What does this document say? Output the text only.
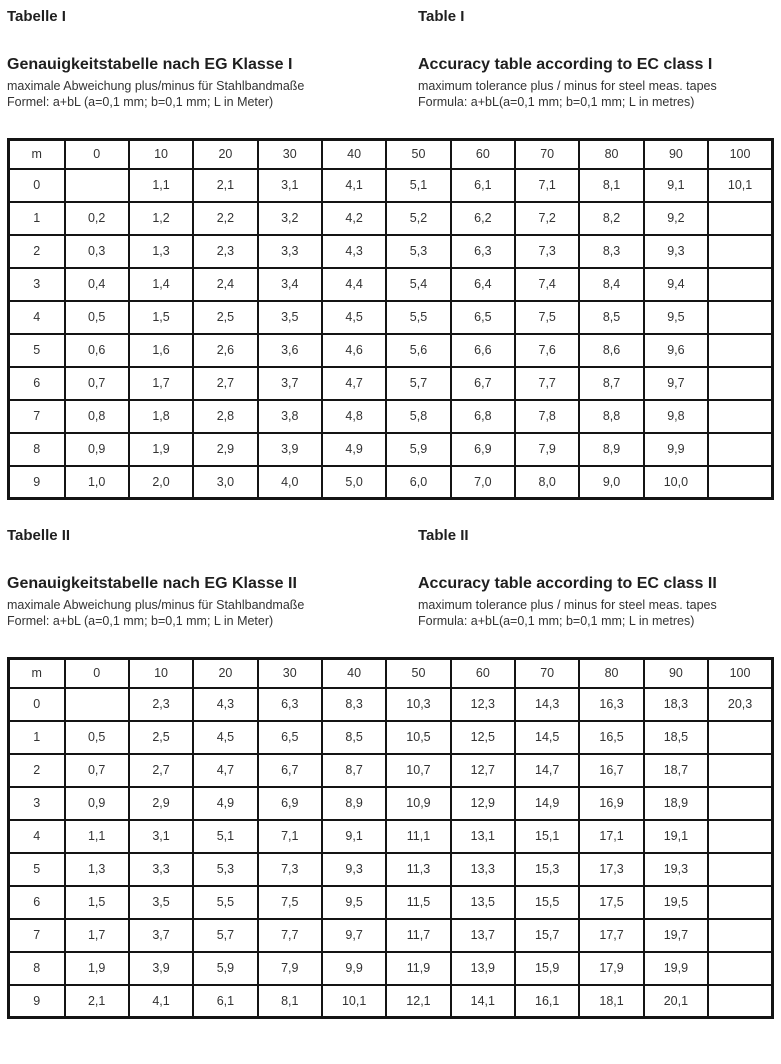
Tabelle I
Genauigkeitstabelle nach EG Klasse I

maximale Abweichung plus/minus für Stahlbandmaße

Formel: a+bL (a=0,1 mm; b=0,1 mm; L in Meter)

Table I
Accuracy table according to EC class I

maximum tolerance plus / minus for steel meas. tapes

Formula: a+bL(a=0,1 mm; b=0,1 mm; L in metres)

m	0	10	20	30	40	50	60	70	80	90	100
0		1,1	2,1	3,1	4,1	5,1	6,1	7,1	8,1	9,1	10,1
1	0,2	1,2	2,2	3,2	4,2	5,2	6,2	7,2	8,2	9,2	
2	0,3	1,3	2,3	3,3	4,3	5,3	6,3	7,3	8,3	9,3	
3	0,4	1,4	2,4	3,4	4,4	5,4	6,4	7,4	8,4	9,4	
4	0,5	1,5	2,5	3,5	4,5	5,5	6,5	7,5	8,5	9,5	
5	0,6	1,6	2,6	3,6	4,6	5,6	6,6	7,6	8,6	9,6	
6	0,7	1,7	2,7	3,7	4,7	5,7	6,7	7,7	8,7	9,7	
7	0,8	1,8	2,8	3,8	4,8	5,8	6,8	7,8	8,8	9,8	
8	0,9	1,9	2,9	3,9	4,9	5,9	6,9	7,9	8,9	9,9	
9	1,0	2,0	3,0	4,0	5,0	6,0	7,0	8,0	9,0	10,0	
Tabelle II
Genauigkeitstabelle nach EG Klasse II

maximale Abweichung plus/minus für Stahlbandmaße

Formel: a+bL (a=0,1 mm; b=0,1 mm; L in Meter)

Table II
Accuracy table according to EC class II

maximum tolerance plus / minus for steel meas. tapes

Formula: a+bL(a=0,1 mm; b=0,1 mm; L in metres)

m	0	10	20	30	40	50	60	70	80	90	100
0		2,3	4,3	6,3	8,3	10,3	12,3	14,3	16,3	18,3	20,3
1	0,5	2,5	4,5	6,5	8,5	10,5	12,5	14,5	16,5	18,5	
2	0,7	2,7	4,7	6,7	8,7	10,7	12,7	14,7	16,7	18,7	
3	0,9	2,9	4,9	6,9	8,9	10,9	12,9	14,9	16,9	18,9	
4	1,1	3,1	5,1	7,1	9,1	11,1	13,1	15,1	17,1	19,1	
5	1,3	3,3	5,3	7,3	9,3	11,3	13,3	15,3	17,3	19,3	
6	1,5	3,5	5,5	7,5	9,5	11,5	13,5	15,5	17,5	19,5	
7	1,7	3,7	5,7	7,7	9,7	11,7	13,7	15,7	17,7	19,7	
8	1,9	3,9	5,9	7,9	9,9	11,9	13,9	15,9	17,9	19,9	
9	2,1	4,1	6,1	8,1	10,1	12,1	14,1	16,1	18,1	20,1	
